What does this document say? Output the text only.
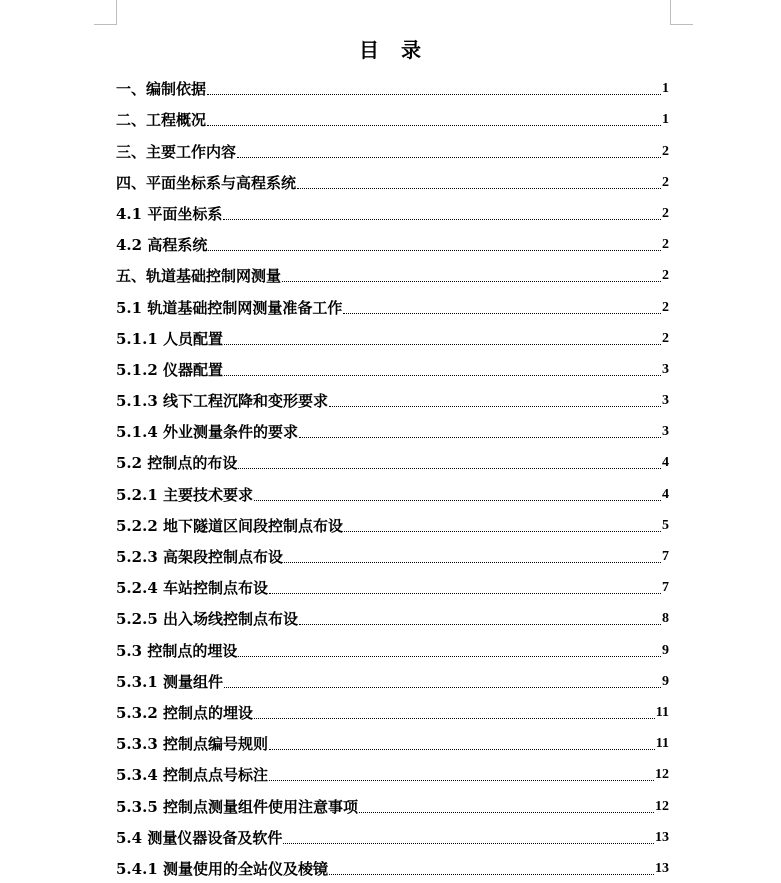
目　录
一、编制依据	1
二、工程概况	1
三、主要工作内容	2
四、平面坐标系与高程系统	2
4.1 平面坐标系	2
4.2 高程系统	2
五、轨道基础控制网测量	2
5.1 轨道基础控制网测量准备工作	2
5.1.1 人员配置	2
5.1.2 仪器配置	3
5.1.3 线下工程沉降和变形要求	3
5.1.4 外业测量条件的要求	3
5.2 控制点的布设	4
5.2.1 主要技术要求	4
5.2.2 地下隧道区间段控制点布设	5
5.2.3 高架段控制点布设	7
5.2.4 车站控制点布设	7
5.2.5 出入场线控制点布设	8
5.3 控制点的埋设	9
5.3.1 测量组件	9
5.3.2 控制点的埋设	11
5.3.3 控制点编号规则	11
5.3.4 控制点点号标注	12
5.3.5 控制点测量组件使用注意事项	12
5.4 测量仪器设备及软件	13
5.4.1 测量使用的全站仪及棱镜	13
